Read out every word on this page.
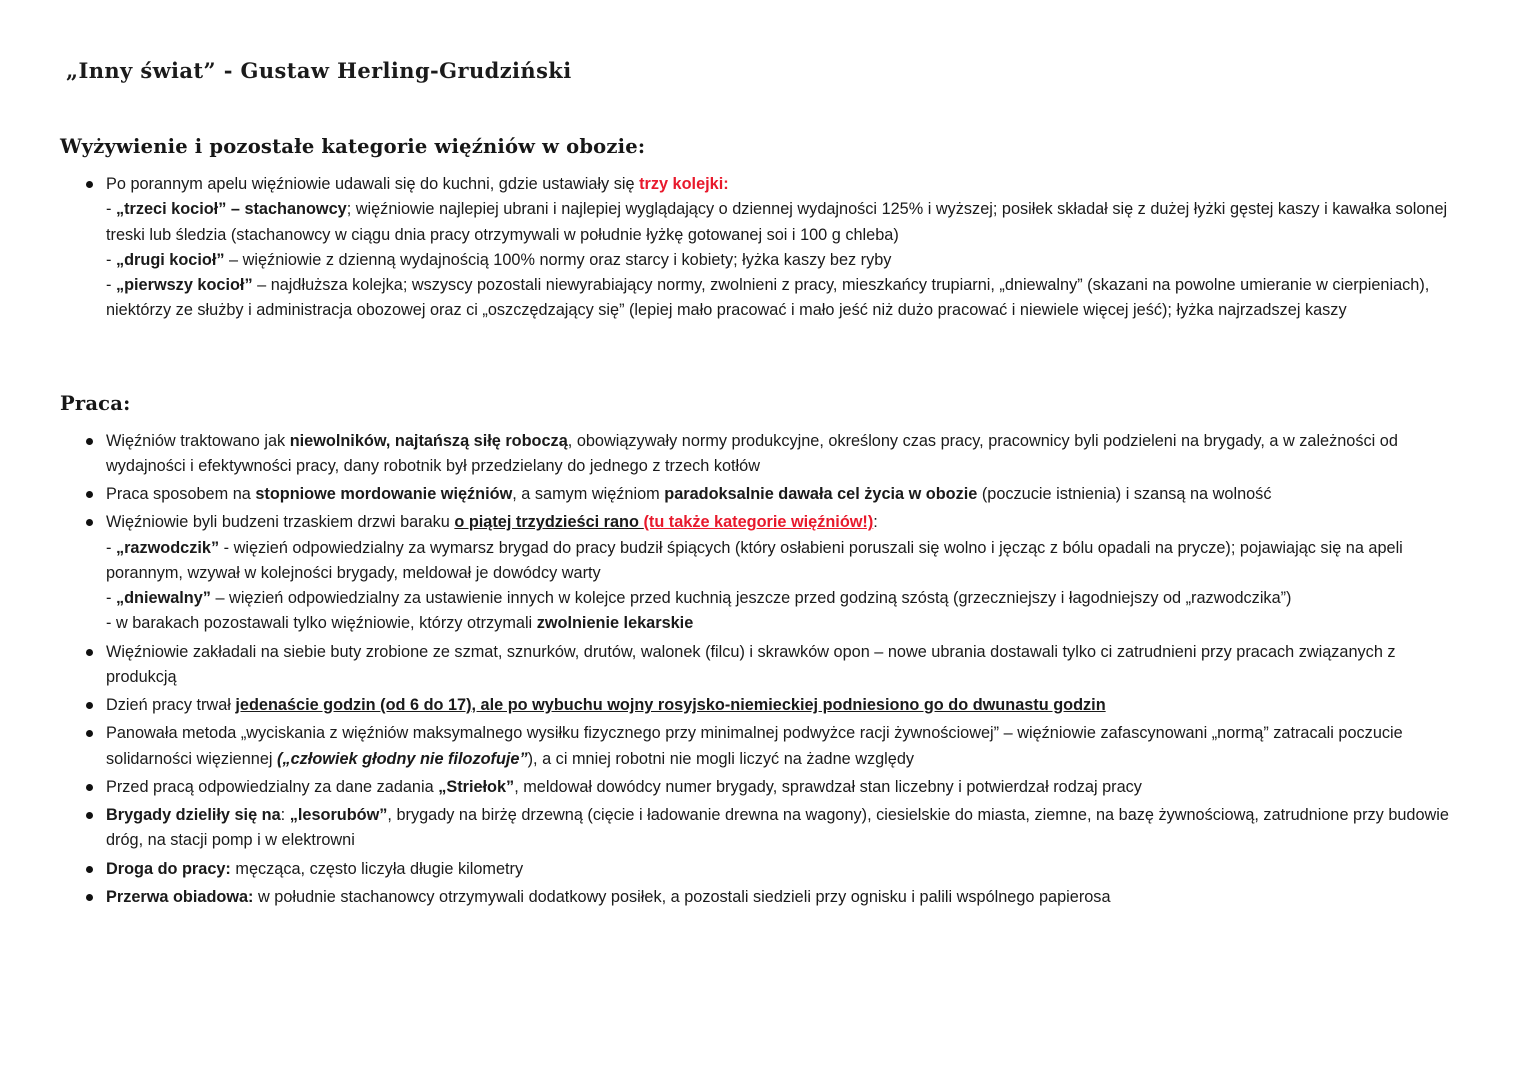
„Inny świat” - Gustaw Herling-Grudziński
Wyżywienie i pozostałe kategorie więźniów w obozie:
Po porannym apelu więźniowie udawali się do kuchni, gdzie ustawiały się trzy kolejki:
- „trzeci kocioł” – stachanowcy; więźniowie najlepiej ubrani i najlepiej wyglądający o dziennej wydajności 125% i wyższej; posiłek składał się z dużej łyżki gęstej kaszy i kawałka solonej treski lub śledzia (stachanowcy w ciągu dnia pracy otrzymywali w południe łyżkę gotowanej soi i 100 g chleba)
- „drugi kocioł” – więźniowie z dzienną wydajnością 100% normy oraz starcy i kobiety; łyżka kaszy bez ryby
- „pierwszy kocioł” – najdłuższa kolejka; wszyscy pozostali niewyrabiający normy, zwolnieni z pracy, mieszkańcy trupiarni, „dniewalny” (skazani na powolne umieranie w cierpieniach), niektórzy ze służby i administracja obozowej oraz ci „oszczędzający się” (lepiej mało pracować i mało jeść niż dużo pracować i niewiele więcej jeść); łyżka najrzadszej kaszy
Praca:
Więźniów traktowano jak niewolników, najtańszą siłę roboczą, obowiązywały normy produkcyjne, określony czas pracy, pracownicy byli podzieleni na brygady, a w zależności od wydajności i efektywności pracy, dany robotnik był przedzielany do jednego z trzech kotłów
Praca sposobem na stopniowe mordowanie więźniów, a samym więźniom paradoksalnie dawała cel życia w obozie (poczucie istnienia) i szansą na wolność
Więźniowie byli budzeni trzaskiem drzwi baraku o piątej trzydzieści rano (tu także kategorie więźniów!):
- „razwodczik” - więzień odpowiedzialny za wymarsz brygad do pracy budził śpiących (który osłabieni poruszali się wolno i jęcząc z bólu opadali na prycze); pojawiając się na apeli porannym, wzywał w kolejności brygady, meldował je dowódcy warty
- „dniewalny” – więzień odpowiedzialny za ustawienie innych w kolejce przed kuchnią jeszcze przed godziną szóstą (grzeczniejszy i łagodniejszy od „razwodczika”)
- w barakach pozostawali tylko więźniowie, którzy otrzymali zwolnienie lekarskie
Więźniowie zakładali na siebie buty zrobione ze szmat, sznurków, drutów, walonek (filcu) i skrawków opon – nowe ubrania dostawali tylko ci zatrudnieni przy pracach związanych z produkcją
Dzień pracy trwał jedenaście godzin (od 6 do 17), ale po wybuchu wojny rosyjsko-niemieckiej podniesiono go do dwunastu godzin
Panowała metoda „wyciskania z więźniów maksymalnego wysiłku fizycznego przy minimalnej podwyżce racji żywnościowej” – więźniowie zafascynowani „normą” zatracali poczucie solidarności więziennej („człowiek głodny nie filozofuje”), a ci mniej robotni nie mogli liczyć na żadne względy
Przed pracą odpowiedzialny za dane zadania „Striełok”, meldował dowódcy numer brygady, sprawdzał stan liczebny i potwierdzał rodzaj pracy
Brygady dzieliły się na: „lesorubów”, brygady na birżę drzewną (cięcie i ładowanie drewna na wagony), ciesielskie do miasta, ziemne, na bazę żywnościową, zatrudnione przy budowie dróg, na stacji pomp i w elektrowni
Droga do pracy: męcząca, często liczyła długie kilometry
Przerwa obiadowa: w południe stachanowcy otrzymywali dodatkowy posiłek, a pozostali siedzieli przy ognisku i palili wspólnego papierosa
